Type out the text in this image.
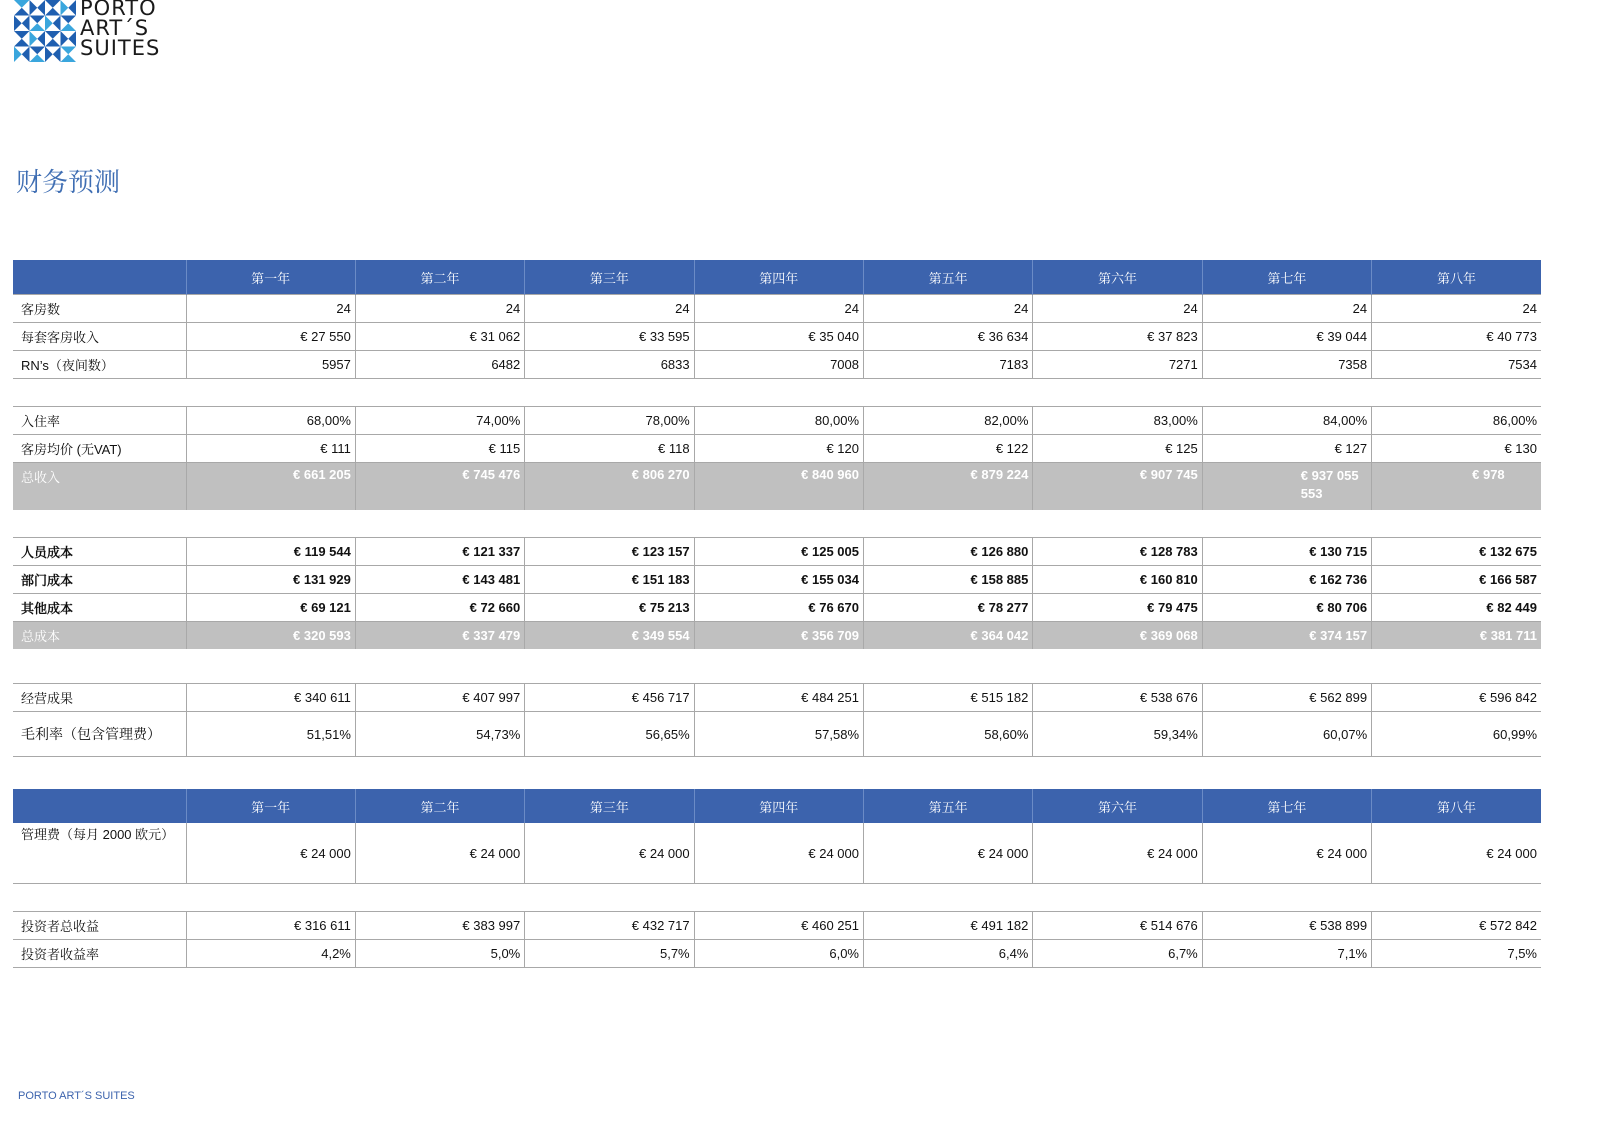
PORTO
ART´S
SUITES
财务预测
	第一年	第二年	第三年	第四年	第五年	第六年	第七年	第八年
客房数	24	24	24	24	24	24	24	24
每套客房收入	€ 27 550	€ 31 062	€ 33 595	€ 35 040	€ 36 634	€ 37 823	€ 39 044	€ 40 773
RN’s（夜间数）	5957	6482	6833	7008	7183	7271	7358	7534

入住率	68,00%	74,00%	78,00%	80,00%	82,00%	83,00%	84,00%	86,00%
客房均价 (无VAT)	€ 111	€ 115	€ 118	€ 120	€ 122	€ 125	€ 127	€ 130
总收入	€ 661 205	€ 745 476	€ 806 270	€ 840 960	€ 879 224	€ 907 745	€ 937 055 553	€ 978

人员成本	€ 119 544	€ 121 337	€ 123 157	€ 125 005	€ 126 880	€ 128 783	€ 130 715	€ 132 675
部门成本	€ 131 929	€ 143 481	€ 151 183	€ 155 034	€ 158 885	€ 160 810	€ 162 736	€ 166 587
其他成本	€ 69 121	€ 72 660	€ 75 213	€ 76 670	€ 78 277	€ 79 475	€ 80 706	€ 82 449
总成本	€ 320 593	€ 337 479	€ 349 554	€ 356 709	€ 364 042	€ 369 068	€ 374 157	€ 381 711

经营成果	€ 340 611	€ 407 997	€ 456 717	€ 484 251	€ 515 182	€ 538 676	€ 562 899	€ 596 842
毛利率（包含管理费）	51,51%	54,73%	56,65%	57,58%	58,60%	59,34%	60,07%	60,99%
	第一年	第二年	第三年	第四年	第五年	第六年	第七年	第八年
管理费（每月 2000 欧元）	€ 24 000	€ 24 000	€ 24 000	€ 24 000	€ 24 000	€ 24 000	€ 24 000	€ 24 000

投资者总收益	€ 316 611	€ 383 997	€ 432 717	€ 460 251	€ 491 182	€ 514 676	€ 538 899	€ 572 842
投资者收益率	4,2%	5,0%	5,7%	6,0%	6,4%	6,7%	7,1%	7,5%
PORTO ART´S SUITES
